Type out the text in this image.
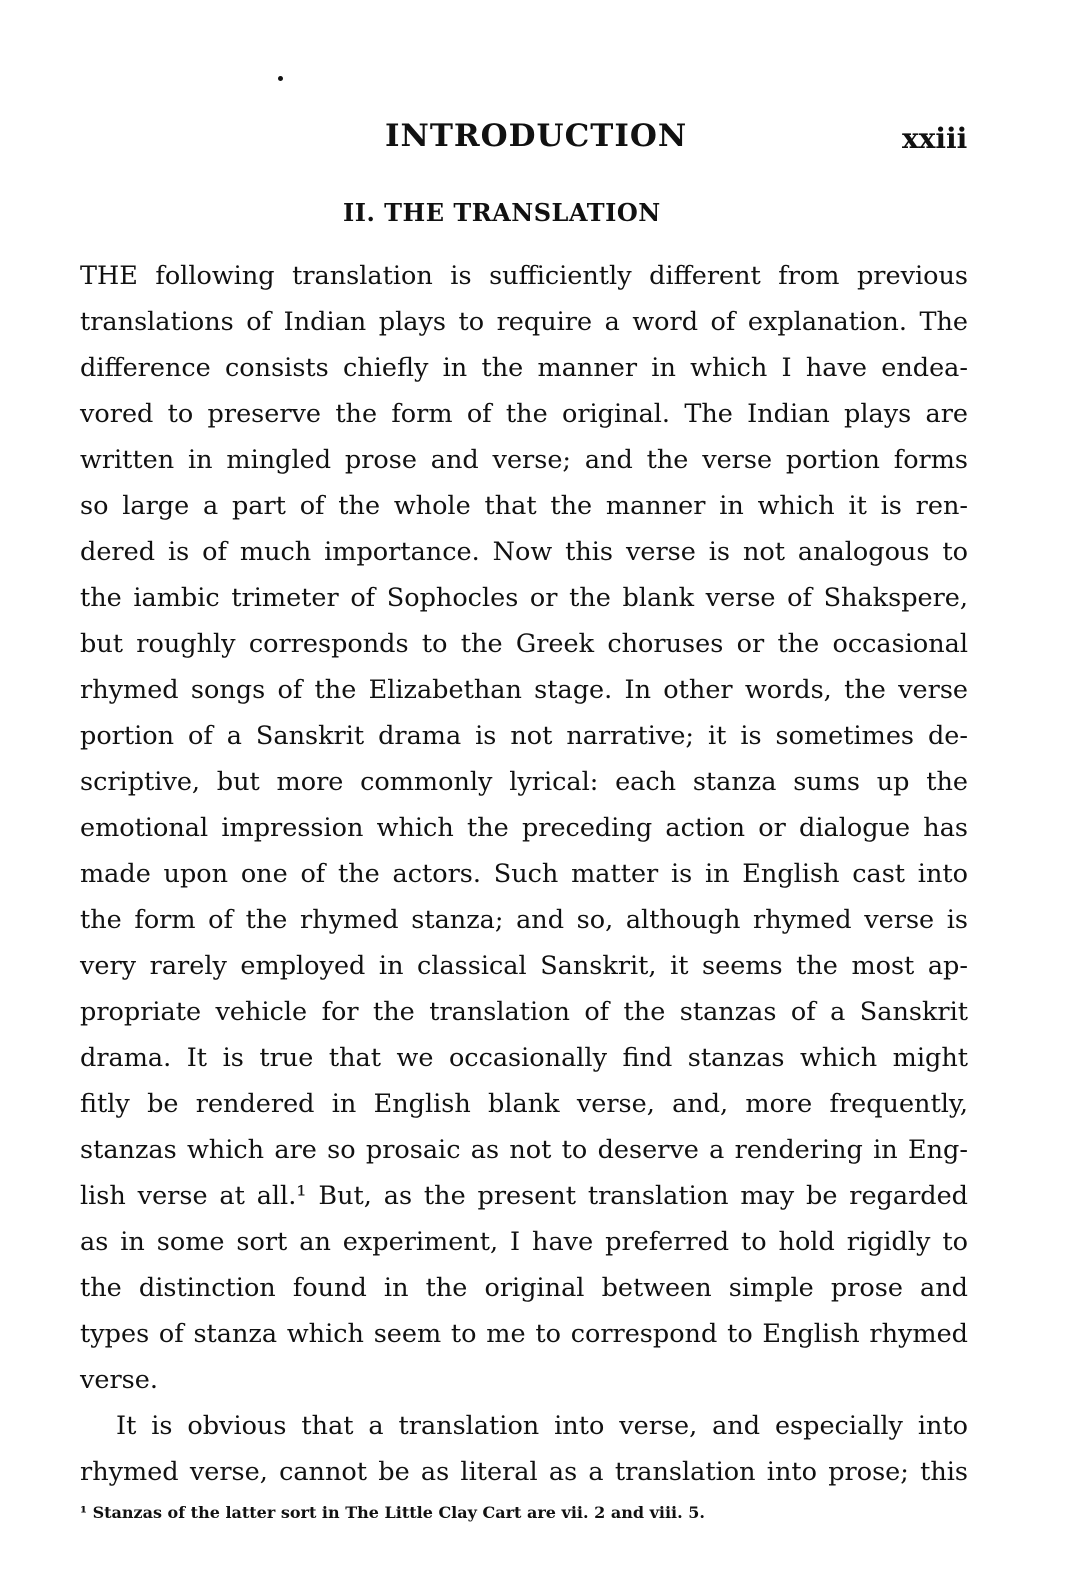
INTRODUCTION	xxiii
II. THE TRANSLATION
THE following translation is sufficiently different from previous
translations of Indian plays to require a word of explanation. The
difference consists chiefly in the manner in which I have endea-
vored to preserve the form of the original. The Indian plays are
written in mingled prose and verse; and the verse portion forms
so large a part of the whole that the manner in which it is ren-
dered is of much importance. Now this verse is not analogous to
the iambic trimeter of Sophocles or the blank verse of Shakspere,
but roughly corresponds to the Greek choruses or the occasional
rhymed songs of the Elizabethan stage. In other words, the verse
portion of a Sanskrit drama is not narrative; it is sometimes de-
scriptive, but more commonly lyrical: each stanza sums up the
emotional impression which the preceding action or dialogue has
made upon one of the actors. Such matter is in English cast into
the form of the rhymed stanza; and so, although rhymed verse is
very rarely employed in classical Sanskrit, it seems the most ap-
propriate vehicle for the translation of the stanzas of a Sanskrit
drama. It is true that we occasionally find stanzas which might
fitly be rendered in English blank verse, and, more frequently,
stanzas which are so prosaic as not to deserve a rendering in Eng-
lish verse at all.¹ But, as the present translation may be regarded
as in some sort an experiment, I have preferred to hold rigidly to
the distinction found in the original between simple prose and
types of stanza which seem to me to correspond to English rhymed
verse.
It is obvious that a translation into verse, and especially into
rhymed verse, cannot be as literal as a translation into prose; this
¹ Stanzas of the latter sort in The Little Clay Cart are vii. 2 and viii. 5.
